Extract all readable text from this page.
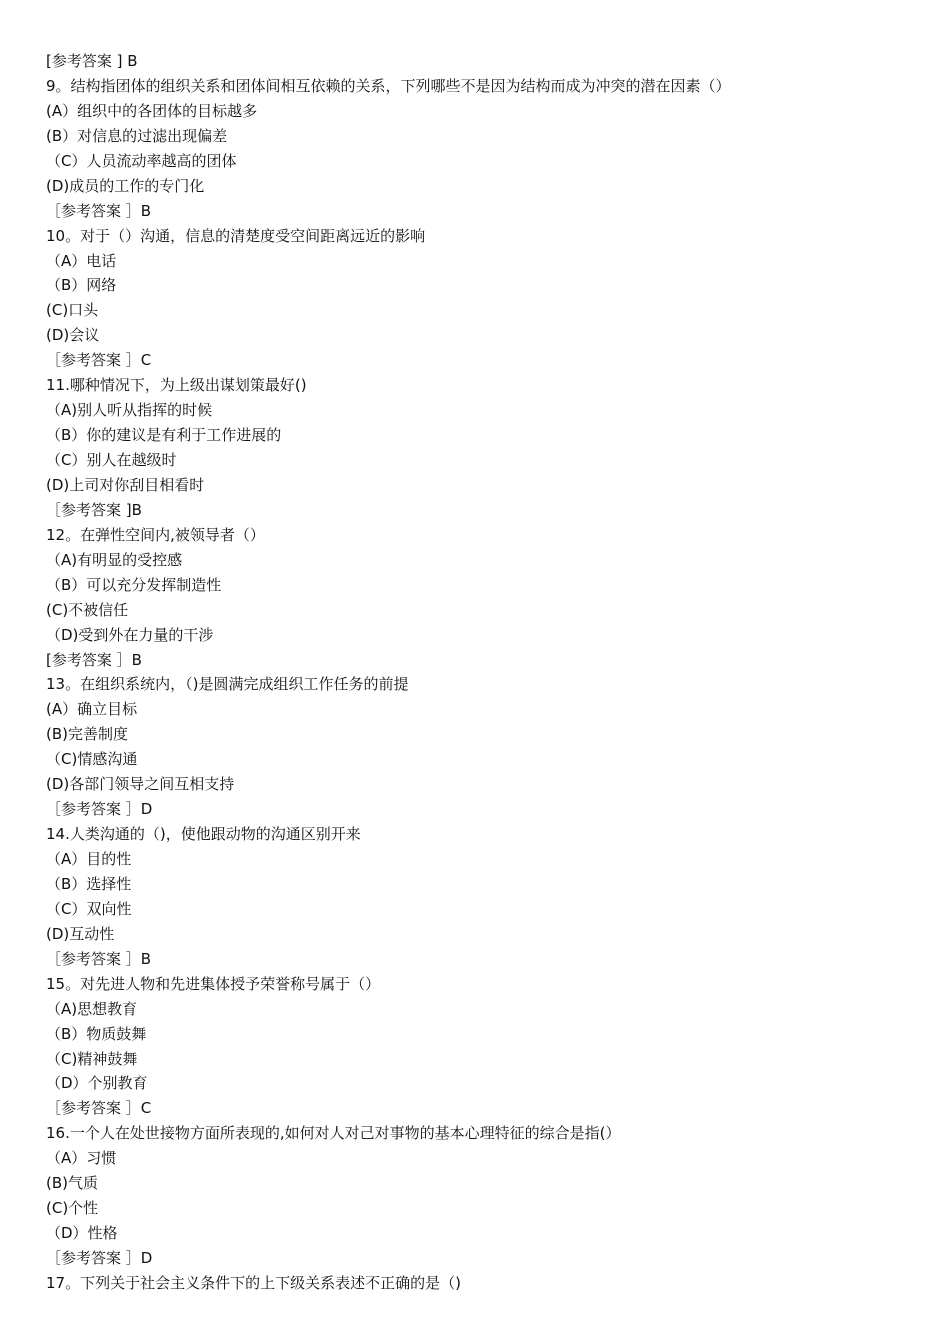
[参考答案 ] B
9。结构指团体的组织关系和团体间相互依赖的关系，下列哪些不是因为结构而成为冲突的潜在因素（）
(A）组织中的各团体的目标越多
(B）对信息的过滤出现偏差
（C）人员流动率越高的团体
(D)成员的工作的专门化
［参考答案 ］B
10。对于（）沟通，信息的清楚度受空间距离远近的影响
（A）电话
（B）网络
(C)口头
(D)会议
［参考答案 ］C
11.哪种情况下，为上级出谋划策最好()
（A)别人听从指挥的时候
（B）你的建议是有利于工作进展的
（C）别人在越级时
(D)上司对你刮目相看时
［参考答案 ]B
12。在弹性空间内,被领导者（）
（A)有明显的受控感
（B）可以充分发挥制造性
(C)不被信任
（D)受到外在力量的干涉
[参考答案 ］B
13。在组织系统内，（)是圆满完成组织工作任务的前提
(A）确立目标
(B)完善制度
（C)情感沟通
(D)各部门领导之间互相支持
［参考答案 ］D
14.人类沟通的（)，使他跟动物的沟通区别开来
（A）目的性
（B）选择性
（C）双向性
(D)互动性
［参考答案 ］B
15。对先进人物和先进集体授予荣誉称号属于（）
（A)思想教育
（B）物质鼓舞
（C)精神鼓舞
（D）个别教育
［参考答案 ］C
16.一个人在处世接物方面所表现的,如何对人对己对事物的基本心理特征的综合是指(）
（A）习惯
(B)气质
(C)个性
（D）性格
［参考答案 ］D
17。下列关于社会主义条件下的上下级关系表述不正确的是（)
